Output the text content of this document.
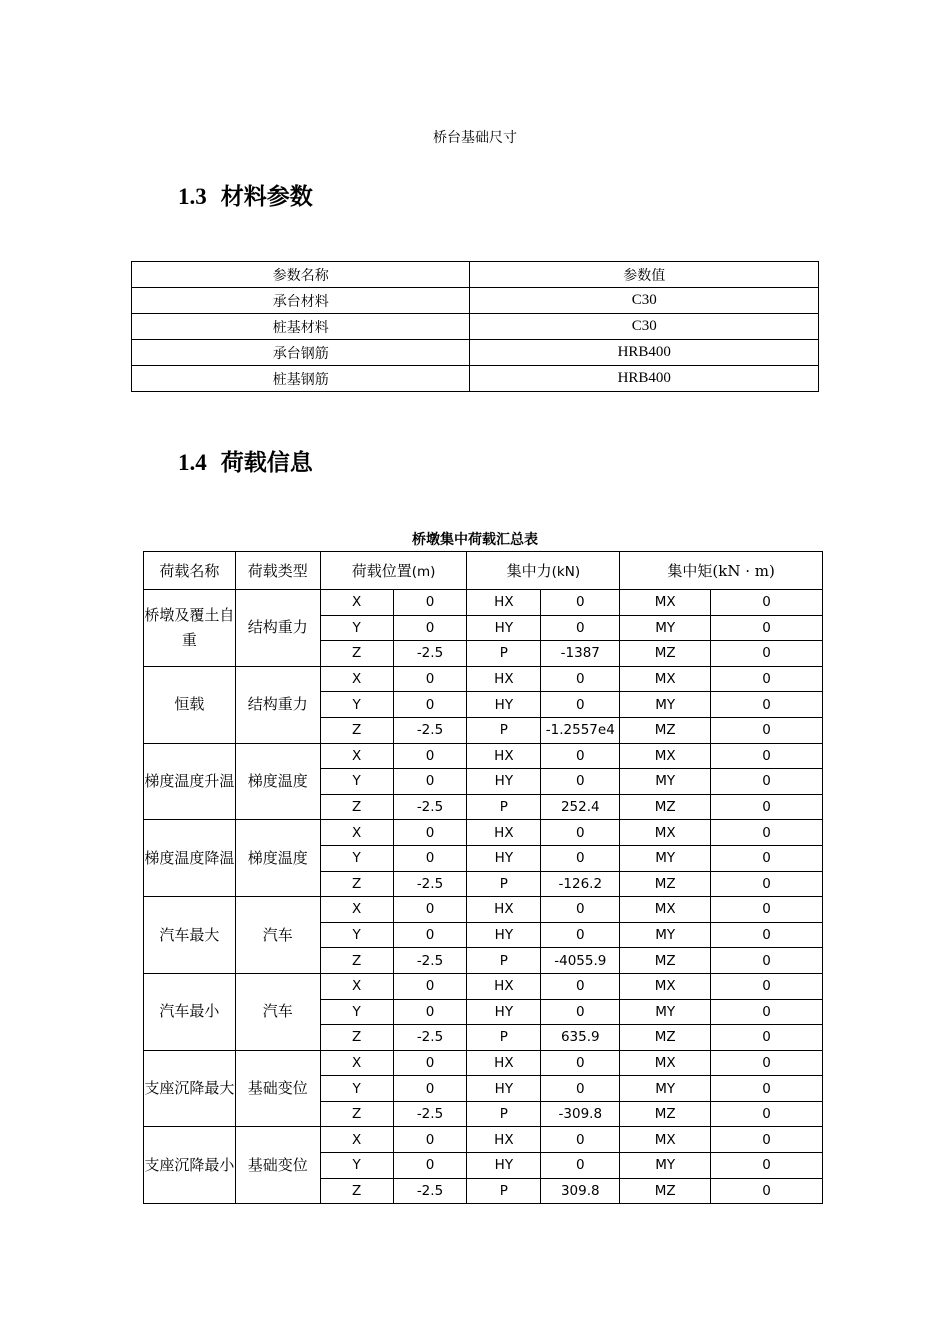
桥台基础尺寸
1.3 材料参数
参数名称	参数值
承台材料	C30
桩基材料	C30
承台钢筋	HRB400
桩基钢筋	HRB400
1.4 荷载信息
桥墩集中荷载汇总表
荷载名称	荷载类型	荷载位置(m)		集中力(kN)		集中矩(kN · m)	
桥墩及覆土自重	结构重力	X	0	HX	0	MX	0
		Y	0	HY	0	MY	0
		Z	-2.5	P	-1387	MZ	0
恒载	结构重力	X	0	HX	0	MX	0
		Y	0	HY	0	MY	0
		Z	-2.5	P	-1.2557e4	MZ	0
梯度温度升温	梯度温度	X	0	HX	0	MX	0
		Y	0	HY	0	MY	0
		Z	-2.5	P	252.4	MZ	0
梯度温度降温	梯度温度	X	0	HX	0	MX	0
		Y	0	HY	0	MY	0
		Z	-2.5	P	-126.2	MZ	0
汽车最大	汽车	X	0	HX	0	MX	0
		Y	0	HY	0	MY	0
		Z	-2.5	P	-4055.9	MZ	0
汽车最小	汽车	X	0	HX	0	MX	0
		Y	0	HY	0	MY	0
		Z	-2.5	P	635.9	MZ	0
支座沉降最大	基础变位	X	0	HX	0	MX	0
		Y	0	HY	0	MY	0
		Z	-2.5	P	-309.8	MZ	0
支座沉降最小	基础变位	X	0	HX	0	MX	0
		Y	0	HY	0	MY	0
		Z	-2.5	P	309.8	MZ	0
